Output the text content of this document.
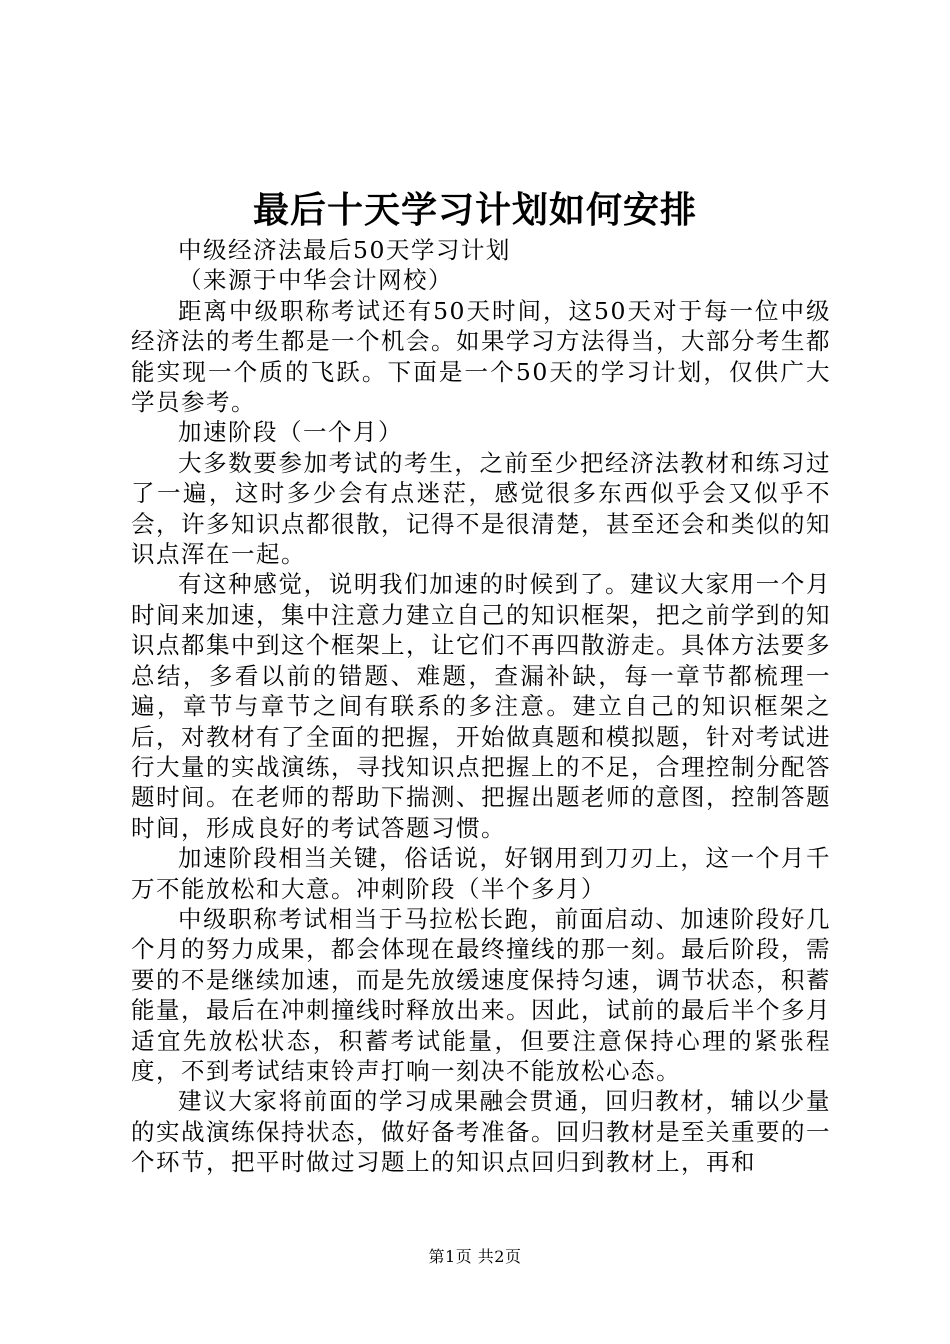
最后十天学习计划如何安排

中级经济法最后50天学习计划

（来源于中华会计网校）

距离中级职称考试还有50天时间，这50天对于每一位中级经济法的考生都是一个机会。如果学习方法得当，大部分考生都能实现一个质的飞跃。下面是一个50天的学习计划，仅供广大学员参考。

加速阶段（一个月）

大多数要参加考试的考生，之前至少把经济法教材和练习过了一遍，这时多少会有点迷茫，感觉很多东西似乎会又似乎不会，许多知识点都很散，记得不是很清楚，甚至还会和类似的知识点浑在一起。

有这种感觉，说明我们加速的时候到了。建议大家用一个月时间来加速，集中注意力建立自己的知识框架，把之前学到的知识点都集中到这个框架上，让它们不再四散游走。具体方法要多总结，多看以前的错题、难题，查漏补缺，每一章节都梳理一遍，章节与章节之间有联系的多注意。建立自己的知识框架之后，对教材有了全面的把握，开始做真题和模拟题，针对考试进行大量的实战演练，寻找知识点把握上的不足，合理控制分配答题时间。在老师的帮助下揣测、把握出题老师的意图，控制答题时间，形成良好的考试答题习惯。

加速阶段相当关键，俗话说，好钢用到刀刃上，这一个月千万不能放松和大意。冲刺阶段（半个多月）

中级职称考试相当于马拉松长跑，前面启动、加速阶段好几个月的努力成果，都会体现在最终撞线的那一刻。最后阶段，需要的不是继续加速，而是先放缓速度保持匀速，调节状态，积蓄能量，最后在冲刺撞线时释放出来。因此，试前的最后半个多月适宜先放松状态，积蓄考试能量，但要注意保持心理的紧张程度，不到考试结束铃声打响一刻决不能放松心态。

建议大家将前面的学习成果融会贯通，回归教材，辅以少量的实战演练保持状态，做好备考准备。回归教材是至关重要的一个环节，把平时做过习题上的知识点回归到教材上，再和

第1页 共2页
